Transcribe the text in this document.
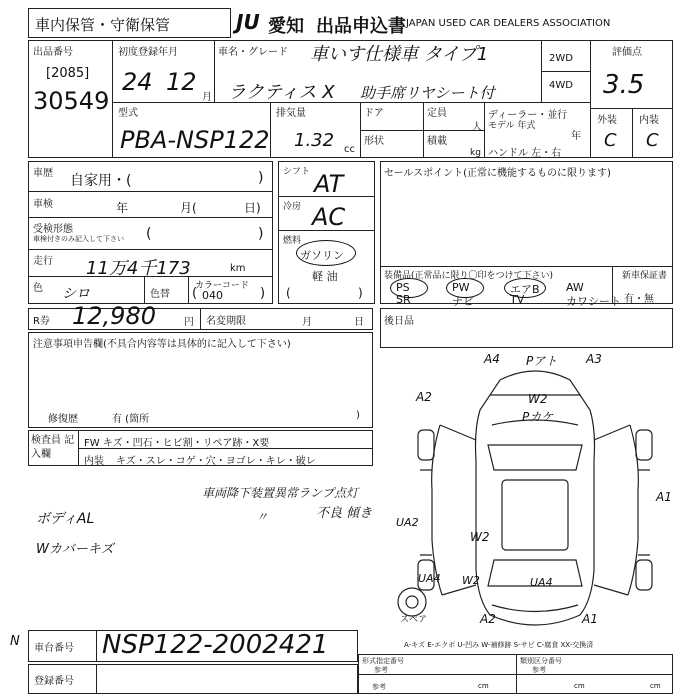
車内保管・守衛保管	JU 愛知 出品申込書 JAPAN USED CAR DEALERS ASSOCIATION
出品番号
[2085]
30549
初度登録年月
24 12
月
車名・グレード 車いす仕様車 タイプ1
ラクティス X 助手席リヤシート付
2WD
4WD
評価点
3.5
外装 内装
C C
型式
PBA-NSP122
排気量
1.32 cc
ドア	定員
人
形状	積載
kg
ディーラー・並行
モデル 年式
年
ハンドル 左・右
車歴 自家用・(	)
車検	年	月(	日)
受検形態
車検付きのみ記入して下さい (	)
走行 11万4千173	km
色 シロ	色替
カラーコード
040
(	)
シフト AT
冷房 AC
燃料
ガソリン
軽 油
(	)
セールスポイント(正常に機能するものに限ります)
装備品(正常品に限り〇印をつけて下さい)	新車保証書
有・無
PS	PW	エアB AW
SR	ナビ	TV	カワシート
R券 12,980	円 名変期限	月	日 後日品
注意事項申告欄(不具合内容等は具体的に記入して下さい)
修復歴	有 (箇所	)
検査員 記入欄
FW キズ・凹石・ヒビ割・リペア跡・X要
内装 キズ・スレ・コゲ・穴・ヨゴレ・キレ・破レ
車両降下装置異常ランプ点灯
ボディAL	〃	不良 傾き
Wカバーキズ
A4 Pアト A3
A2	W2
Pカケ
A1
UA2
W2
UA4 W2	UA4
A2	A1
スペア
A-キズ E-エクボ U-凹み W-補修跡 S-サビ C-腐食 XX-交換済
N 車台番号 NSP122-2002421
登録番号
形式指定番号
参考
類別区分番号
参考
参考	cm	cm	cm
